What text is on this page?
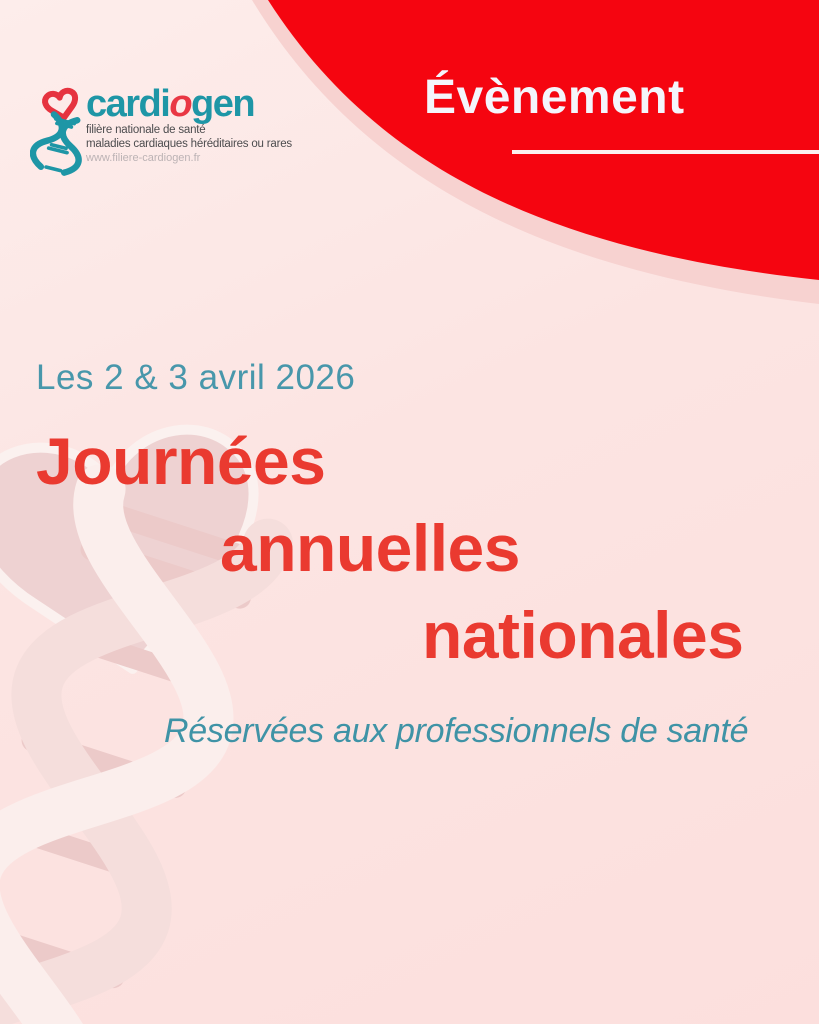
Évènement
cardiogen
filière nationale de santé
maladies cardiaques héréditaires ou rares
www.filiere-cardiogen.fr
Les 2 & 3 avril 2026
Journées
annuelles
nationales
Réservées aux professionnels de santé
